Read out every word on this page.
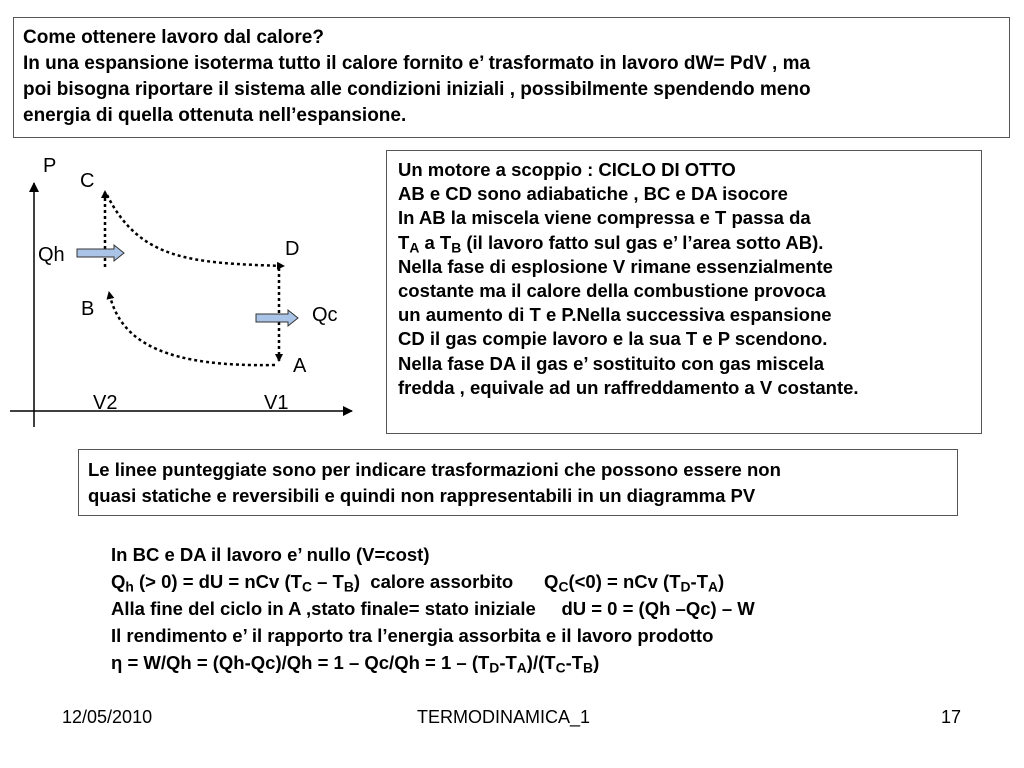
Come ottenere lavoro dal calore?
In una espansione isoterma tutto il calore fornito e’ trasformato in lavoro dW= PdV , ma
poi bisogna riportare il sistema alle condizioni iniziali , possibilmente spendendo meno
energia di quella ottenuta nell’espansione.
P
C
D
Qh
B	Qc
A
V2	V1
Un motore a scoppio : CICLO DI OTTO
AB e CD sono adiabatiche , BC e DA isocore
In AB la miscela viene compressa e T passa da
$T_A$ a $T_B$ (il lavoro fatto sul gas e’ l’area sotto AB).
Nella fase di esplosione V rimane essenzialmente
costante ma il calore della combustione provoca
un aumento di T e P.Nella successiva espansione
CD il gas compie lavoro e la sua T e P scendono.
Nella fase DA il gas e’ sostituito con gas miscela
fredda , equivale ad un raffreddamento a V costante.
Le linee punteggiate sono per indicare trasformazioni che possono essere non
quasi statiche e reversibili e quindi non rappresentabili in un diagramma PV
In BC e DA il lavoro e’ nullo (V=cost)
$Q_h$ (> 0) = dU = nCv $(T_C - T_B)$  calore assorbito      $Q_C(<0)$ = nCv $(T_D-T_A)$
Alla fine del ciclo in A ,stato finale= stato iniziale     dU = 0 = (Qh –Qc) – W
Il rendimento e’ il rapporto tra l’energia assorbita e il lavoro prodotto
$\eta = W/Qh = (Qh-Qc)/Qh = 1 - Qc/Qh = 1 - (T_D-T_A)/(T_C-T_B)$
12/05/2010	TERMODINAMICA_1	17
